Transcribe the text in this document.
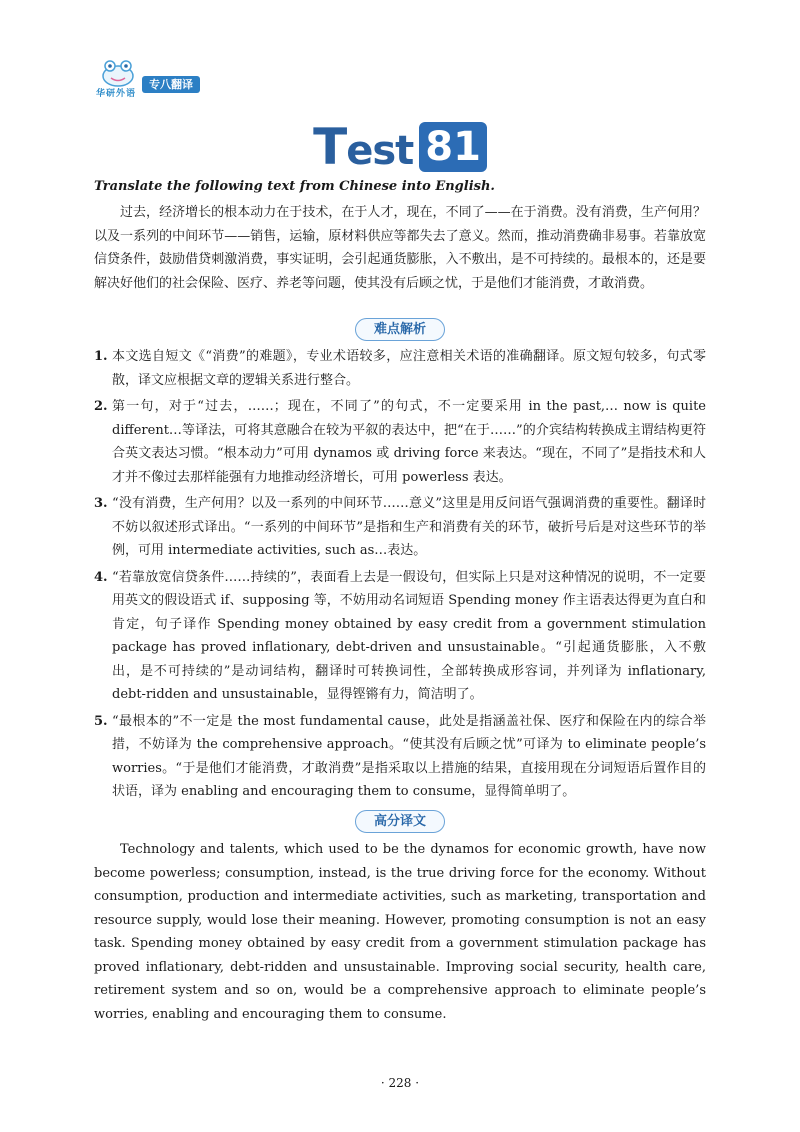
华研外语
专八翻译
Test 81
Translate the following text from Chinese into English.

过去，经济增长的根本动力在于技术，在于人才，现在，不同了——在于消费。没有消费，生产何用？以及一系列的中间环节——销售，运输，原材料供应等都失去了意义。然而，推动消费确非易事。若靠放宽信贷条件，鼓励借贷刺激消费，事实证明，会引起通货膨胀，入不敷出，是不可持续的。最根本的，还是要解决好他们的社会保险、医疗、养老等问题，使其没有后顾之忧，于是他们才能消费，才敢消费。

难点解析
1. 本文选自短文《“消费”的难题》，专业术语较多，应注意相关术语的准确翻译。原文短句较多，句式零散，译文应根据文章的逻辑关系进行整合。
2. 第一句，对于“过去，……；现在，不同了”的句式，不一定要采用 in the past,… now is quite different…等译法，可将其意融合在较为平叙的表达中，把“在于……”的介宾结构转换成主谓结构更符合英文表达习惯。“根本动力”可用 dynamos 或 driving force 来表达。“现在，不同了”是指技术和人才并不像过去那样能强有力地推动经济增长，可用 powerless 表达。
3. “没有消费，生产何用？以及一系列的中间环节……意义”这里是用反问语气强调消费的重要性。翻译时不妨以叙述形式译出。“一系列的中间环节”是指和生产和消费有关的环节，破折号后是对这些环节的举例，可用 intermediate activities, such as…表达。
4. “若靠放宽信贷条件……持续的”，表面看上去是一假设句，但实际上只是对这种情况的说明，不一定要用英文的假设语式 if、supposing 等，不妨用动名词短语 Spending money 作主语表达得更为直白和肯定，句子译作 Spending money obtained by easy credit from a government stimulation package has proved inflationary, debt-driven and unsustainable。“引起通货膨胀，入不敷出，是不可持续的”是动词结构，翻译时可转换词性，全部转换成形容词，并列译为 inflationary, debt-ridden and unsustainable，显得铿锵有力，简洁明了。
5. “最根本的”不一定是 the most fundamental cause，此处是指涵盖社保、医疗和保险在内的综合举措，不妨译为 the comprehensive approach。“使其没有后顾之忧”可译为 to eliminate people’s worries。“于是他们才能消费，才敢消费”是指采取以上措施的结果，直接用现在分词短语后置作目的状语，译为 enabling and encouraging them to consume，显得简单明了。
高分译文

Technology and talents, which used to be the dynamos for economic growth, have now become powerless; consumption, instead, is the true driving force for the economy. Without consumption, production and intermediate activities, such as marketing, transportation and resource supply, would lose their meaning. However, promoting consumption is not an easy task. Spending money obtained by easy credit from a government stimulation package has proved inflationary, debt-ridden and unsustainable. Improving social security, health care, retirement system and so on, would be a comprehensive approach to eliminate people’s worries, enabling and encouraging them to consume.

· 228 ·
